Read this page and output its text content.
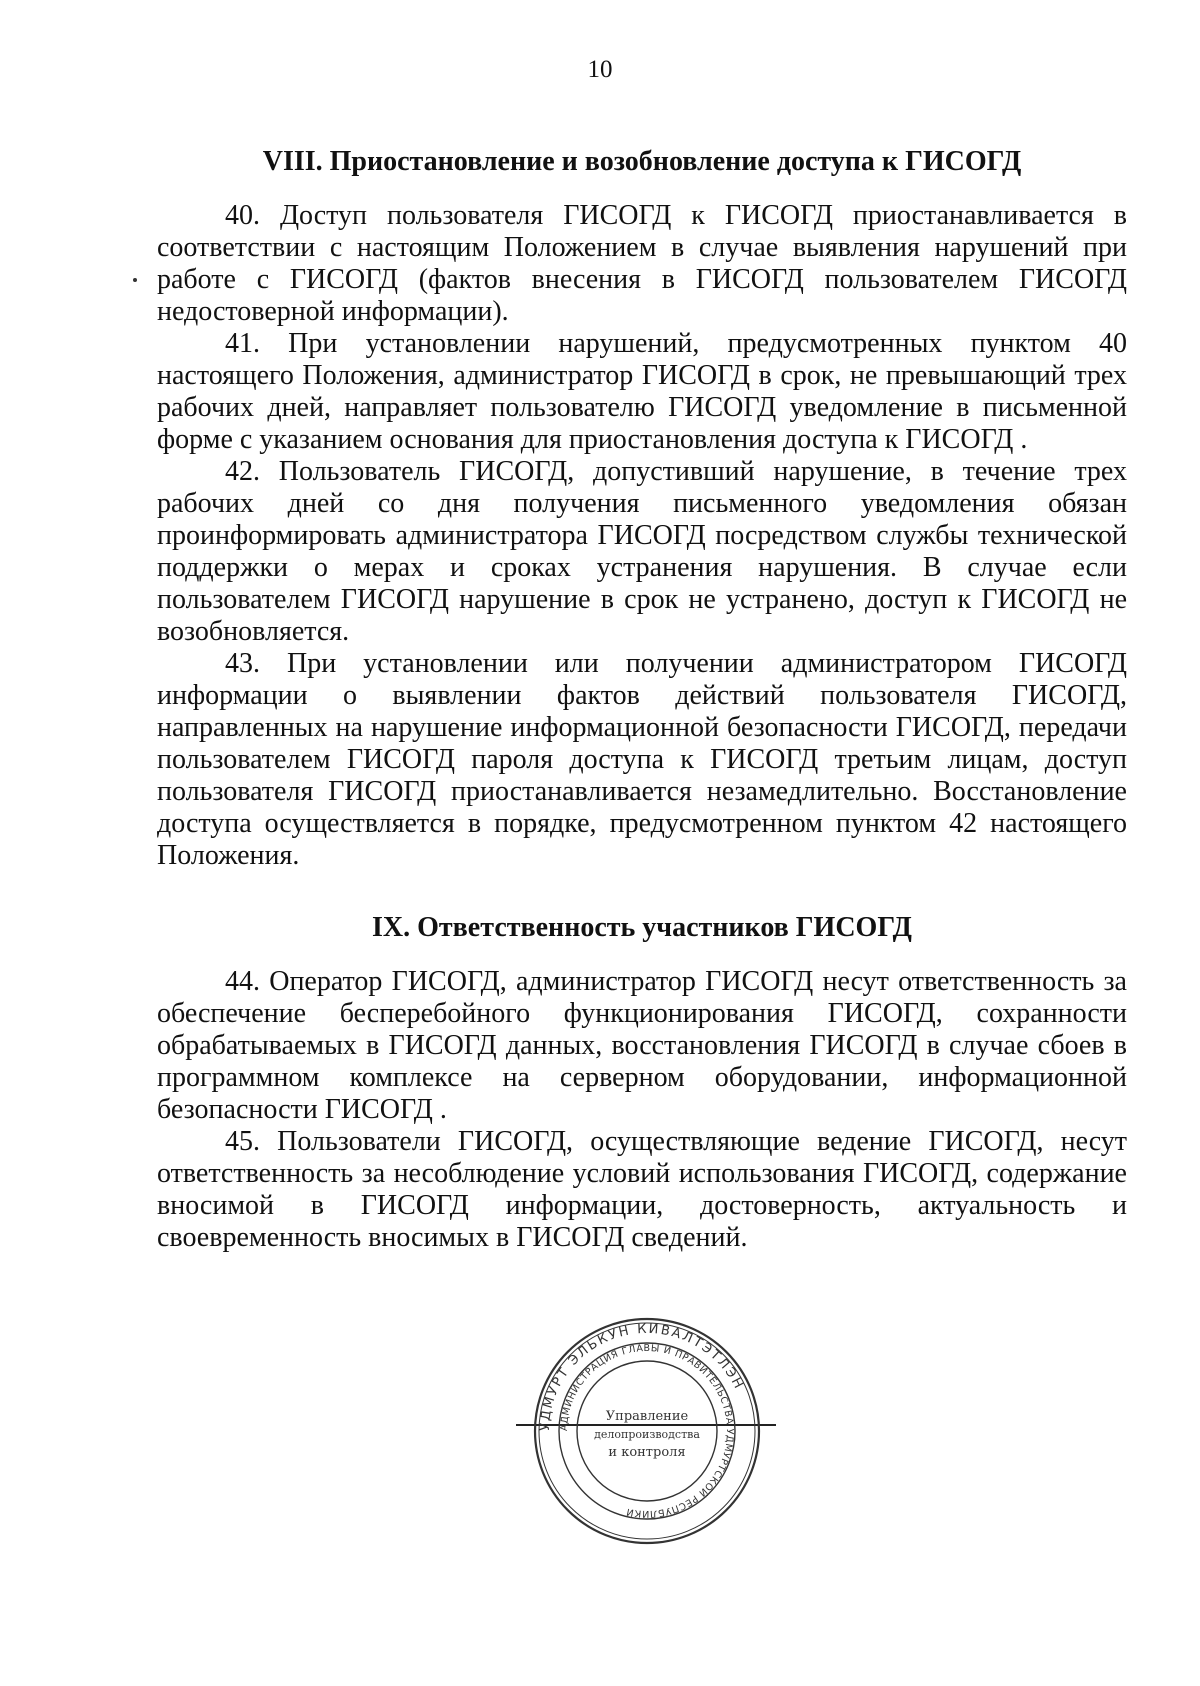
10
VIII. Приостановление и возобновление доступа к ГИСОГД

40. Доступ пользователя ГИСОГД к ГИСОГД приостанавливается в соответствии с настоящим Положением в случае выявления нарушений при работе с ГИСОГД (фактов внесения в ГИСОГД пользователем ГИСОГД недостоверной информации).

41. При установлении нарушений, предусмотренных пунктом 40 настоящего Положения, администратор ГИСОГД в срок, не превышающий трех рабочих дней, направляет пользователю ГИСОГД уведомление в письменной форме с указанием основания для приостановления доступа к ГИСОГД .

42. Пользователь ГИСОГД, допустивший нарушение, в течение трех рабочих дней со дня получения письменного уведомления обязан проинформировать администратора ГИСОГД посредством службы технической поддержки о мерах и сроках устранения нарушения. В случае если пользователем ГИСОГД нарушение в срок не устранено, доступ к ГИСОГД не возобновляется.

43. При установлении или получении администратором ГИСОГД информации о выявлении фактов действий пользователя ГИСОГД, направленных на нарушение информационной безопасности ГИСОГД, передачи пользователем ГИСОГД пароля доступа к ГИСОГД третьим лицам, доступ пользователя ГИСОГД приостанавливается незамедлительно. Восстановление доступа осуществляется в порядке, предусмотренном пунктом 42 настоящего Положения.

IX. Ответственность участников ГИСОГД

44. Оператор ГИСОГД, администратор ГИСОГД несут ответственность за обеспечение бесперебойного функционирования ГИСОГД, сохранности обрабатываемых в ГИСОГД данных, восстановления ГИСОГД в случае сбоев в программном комплексе на серверном оборудовании, информационной безопасности ГИСОГД .

45. Пользователи ГИСОГД, осуществляющие ведение ГИСОГД, несут ответственность за несоблюдение условий использования ГИСОГД, содержание вносимой в ГИСОГД информации, достоверность, актуальность и своевременность вносимых в ГИСОГД сведений.

УДМУРТ ЭЛЬКУН КИВАЛТЭТЛЭН
АДМИНИСТРАЦИЯ ГЛАВЫ И ПРАВИТЕЛЬСТВА УДМУРТСКОЙ РЕСПУБЛИКИ
Управление
делопроизводства
и контроля
